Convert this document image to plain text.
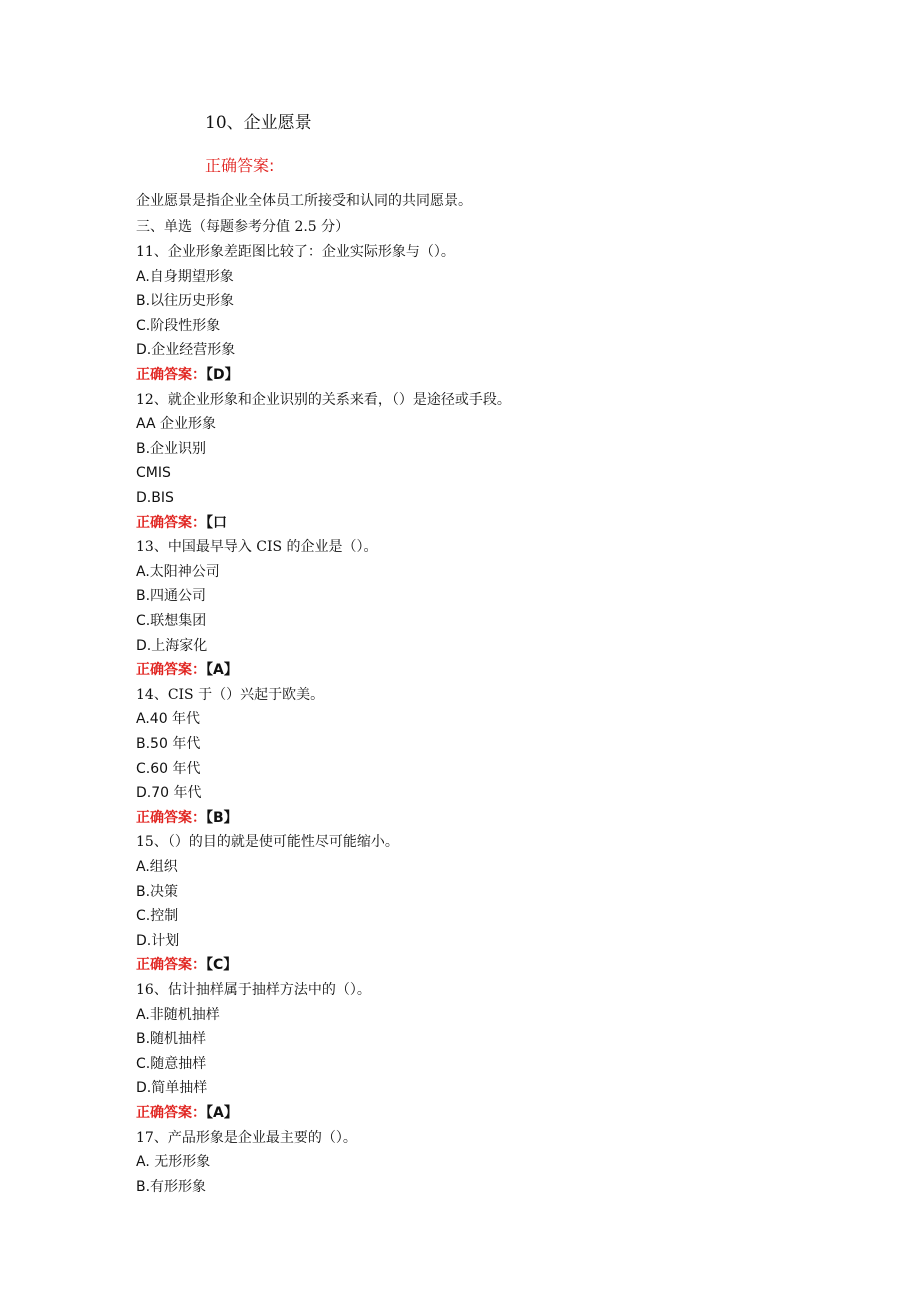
10、企业愿景
正确答案:
企业愿景是指企业全体员工所接受和认同的共同愿景。
三、单选（每题参考分值 2.5 分）
11、企业形象差距图比较了：企业实际形象与（）。
A.自身期望形象
B.以往历史形象
C.阶段性形象
D.企业经营形象
正确答案：【D】
12、就企业形象和企业识别的关系来看，（）是途径或手段。
AA 企业形象
B.企业识别
CMIS
D.BIS
正确答案：【口
13、中国最早导入 CIS 的企业是（）。
A.太阳神公司
B.四通公司
C.联想集团
D.上海家化
正确答案：【A】
14、CIS 于（）兴起于欧美。
A.40 年代
B.50 年代
C.60 年代
D.70 年代
正确答案：【B】
15、（）的目的就是使可能性尽可能缩小。
A.组织
B.决策
C.控制
D.计划
正确答案：【C】
16、估计抽样属于抽样方法中的（）。
A.非随机抽样
B.随机抽样
C.随意抽样
D.简单抽样
正确答案：【A】
17、产品形象是企业最主要的（）。
A. 无形形象
B.有形形象
